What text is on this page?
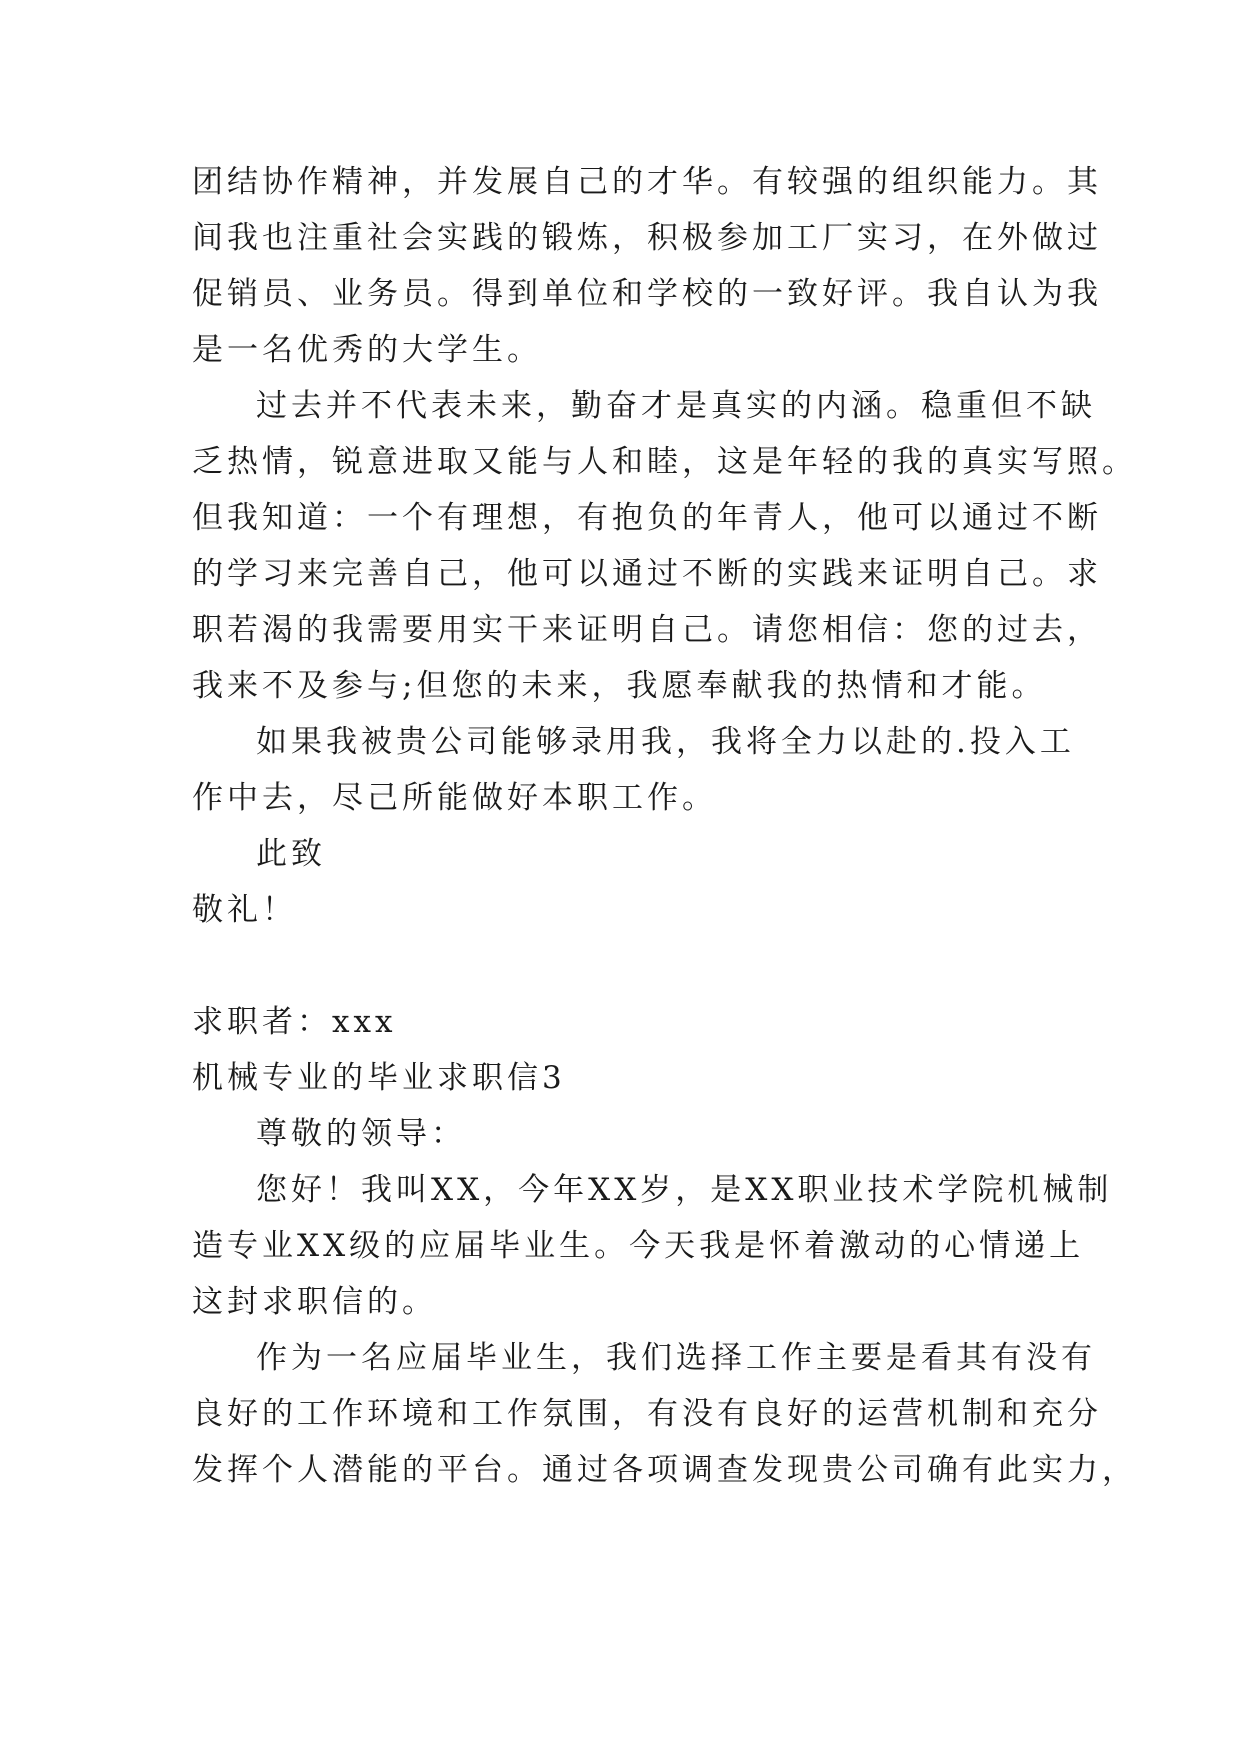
团结协作精神，并发展自己的才华。有较强的组织能力。其
间我也注重社会实践的锻炼，积极参加工厂实习，在外做过
促销员、业务员。得到单位和学校的一致好评。我自认为我
是一名优秀的大学生。
过去并不代表未来，勤奋才是真实的内涵。稳重但不缺
乏热情，锐意进取又能与人和睦，这是年轻的我的真实写照。
但我知道：一个有理想，有抱负的年青人，他可以通过不断
的学习来完善自己，他可以通过不断的实践来证明自己。求
职若渴的我需要用实干来证明自己。请您相信：您的过去，
我来不及参与;但您的未来，我愿奉献我的热情和才能。
如果我被贵公司能够录用我，我将全力以赴的.投入工
作中去，尽己所能做好本职工作。
此致
敬礼！
求职者：xxx
机械专业的毕业求职信3
尊敬的领导：
您好！我叫XX，今年XX岁，是XX职业技术学院机械制
造专业XX级的应届毕业生。今天我是怀着激动的心情递上
这封求职信的。
作为一名应届毕业生，我们选择工作主要是看其有没有
良好的工作环境和工作氛围，有没有良好的运营机制和充分
发挥个人潜能的平台。通过各项调查发现贵公司确有此实力，
